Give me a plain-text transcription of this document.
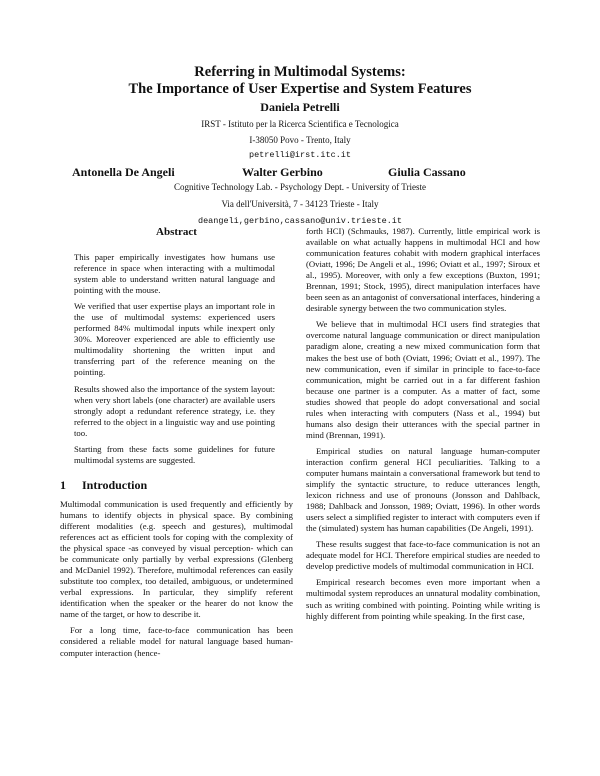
Referring in Multimodal Systems:
The Importance of User Expertise and System Features
Daniela Petrelli
IRST - Istituto per la Ricerca Scientifica e Tecnologica
I-38050 Povo - Trento, Italy
petrelli@irst.itc.it
Antonella De Angeli	Walter Gerbino	Giulia Cassano
Cognitive Technology Lab. - Psychology Dept. - University of Trieste
Via dell'Università, 7 - 34123 Trieste - Italy
deangeli,gerbino,cassano@univ.trieste.it
Abstract

This paper empirically investigates how humans use reference in space when interacting with a multimodal system able to understand written natural language and pointing with the mouse.

We verified that user expertise plays an important role in the use of multimodal systems: experienced users performed 84% multimodal inputs while inexpert only 30%. Moreover experienced are able to efficiently use multimodality shortening the written input and transferring part of the reference meaning on the pointing.

Results showed also the importance of the system layout: when very short labels (one character) are available users strongly adopt a redundant reference strategy, i.e. they referred to the object in a linguistic way and use pointing too.

Starting from these facts some guidelines for future multimodal systems are suggested.

1 Introduction

Multimodal communication is used frequently and efficiently by humans to identify objects in physical space. By combining different modalities (e.g. speech and gestures), multimodal references act as efficient tools for coping with the complexity of the physical space -as conveyed by visual perception- which can be communicate only partially by verbal expressions (Glenberg and McDaniel 1992). Therefore, multimodal references can easily substitute too complex, too detailed, ambiguous, or undetermined verbal expressions. In particular, they simplify referent identification when the speaker or the hearer do not know the name of the target, or how to describe it.

For a long time, face-to-face communication has been considered a reliable model for natural language based human-computer interaction (hence-

forth HCI) (Schmauks, 1987). Currently, little empirical work is available on what actually happens in multimodal HCI and how communication features cohabit with modern graphical interfaces (Oviatt, 1996; De Angeli et al., 1996; Oviatt et al., 1997; Siroux et al., 1995). Moreover, with only a few exceptions (Buxton, 1991; Brennan, 1991; Stock, 1995), direct manipulation interfaces have been seen as an antagonist of conversational interfaces, hindering a desirable synergy between the two communication styles.

We believe that in multimodal HCI users find strategies that overcome natural language communication or direct manipulation paradigm alone, creating a new mixed communication form that makes the best use of both (Oviatt, 1996; Oviatt et al., 1997). The new communication, even if similar in principle to face-to-face communication, might be carried out in a far different fashion because one partner is a computer. As a matter of fact, some studies showed that people do adopt conversational and social rules when interacting with computers (Nass et al., 1994) but humans also design their utterances with the special partner in mind (Brennan, 1991).

Empirical studies on natural language human-computer interaction confirm general HCI peculiarities. Talking to a computer humans maintain a conversational framework but tend to simplify the syntactic structure, to reduce utterances length, lexicon richness and use of pronouns (Jonsson and Dahlback, 1988; Dahlback and Jonsson, 1989; Oviatt, 1996). In other words users select a simplified register to interact with computers even if the (simulated) system has human capabilities (De Angeli, 1991).

These results suggest that face-to-face communication is not an adequate model for HCI. Therefore empirical studies are needed to develop predictive models of multimodal communication in HCI.

Empirical research becomes even more important when a multimodal system reproduces an unnatural modality combination, such as writing combined with pointing. Pointing while writing is highly different from pointing while speaking. In the first case,
